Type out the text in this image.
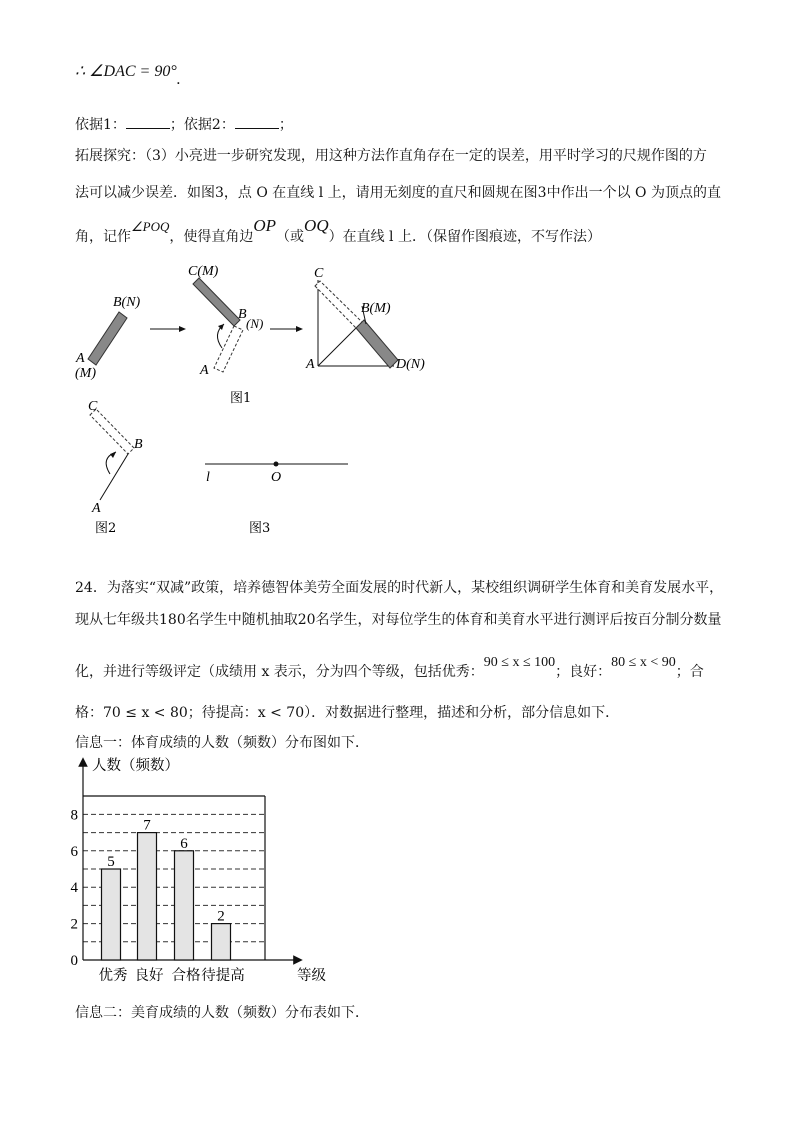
∴ ∠DAC = 90°.
依据1：	；依据2：	；
拓展探究：（3）小亮进一步研究发现，用这种方法作直角存在一定的误差，用平时学习的尺规作图的方
法可以减少误差．如图3，点 O 在直线 l 上，请用无刻度的直尺和圆规在图3中作出一个以 O 为顶点的直
角，记作∠POQ，使得直角边OP（或OQ）在直线 l 上．（保留作图痕迹，不写作法）
B(N)
A
(M)
C(M)
B
(N)
A
C
B(M)
A	D(N)
图1
C
B
A
图2
l	O
图3
24．为落实“双减”政策，培养德智体美劳全面发展的时代新人，某校组织调研学生体育和美育发展水平，
现从七年级共180名学生中随机抽取20名学生，对每位学生的体育和美育水平进行测评后按百分制分数量
化，并进行等级评定（成绩用 x 表示，分为四个等级，包括优秀：90 ≤ x ≤ 100；良好：80 ≤ x < 90；合
格：70 ≤ x < 80；待提高：x < 70）．对数据进行整理，描述和分析，部分信息如下．
信息一：体育成绩的人数（频数）分布图如下．
0
2
4
6
8
5
优秀
7
良好
6
合格
2
待提高
人数（频数）
等级
信息二：美育成绩的人数（频数）分布表如下．
